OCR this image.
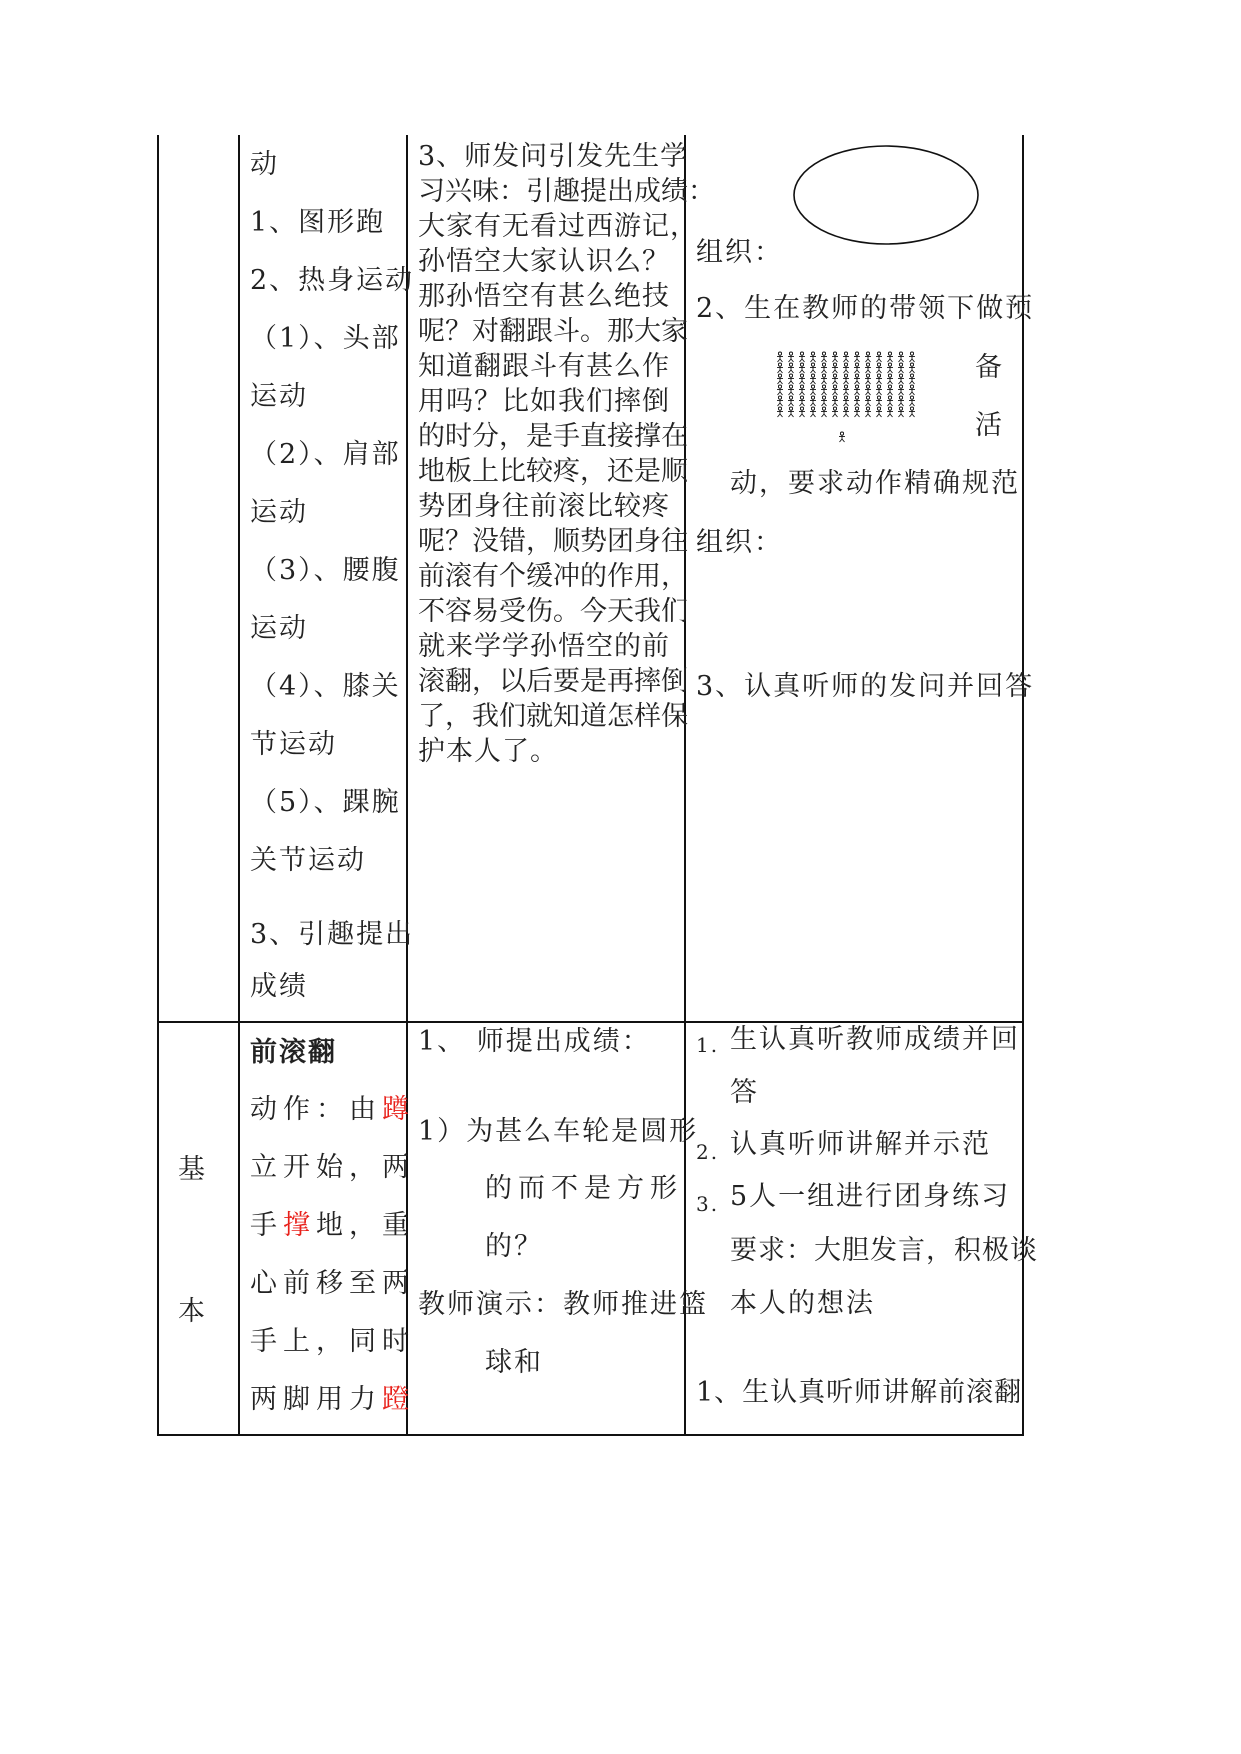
动
1、图形跑
2、热身运动
（1）、头部
运动
（2）、肩部
运动
（3）、腰腹
运动
（4）、膝关
节运动
（5）、踝腕
关节运动
3、引趣提出
成绩
3、师发问引发先生学
习兴味：引趣提出成绩：
大家有无看过西游记，
孙悟空大家认识么？
那孙悟空有甚么绝技
呢？对翻跟斗。那大家
知道翻跟斗有甚么作
用吗？比如我们摔倒
的时分，是手直接撑在
地板上比较疼，还是顺
势团身往前滚比较疼
呢？没错，顺势团身往
前滚有个缓冲的作用，
不容易受伤。今天我们
就来学学孙悟空的前
滚翻，以后要是再摔倒
了，我们就知道怎样保
护本人了。
组织：
2、生在教师的带领下做预
备
活
动，要求动作精确规范
组织：
3、认真听师的发问并回答
基
本
前滚翻
动作：由蹲
立开始，两
手撑地，重
心前移至两
手上，同时
两脚用力蹬
1、 师提出成绩：
1）为甚么车轮是圆形
的而不是方形
的？
教师演示：教师推进篮
球和
1. 生认真听教师成绩并回
答
2. 认真听师讲解并示范
3. 5人一组进行团身练习
要求：大胆发言，积极谈
本人的想法
1、生认真听师讲解前滚翻
